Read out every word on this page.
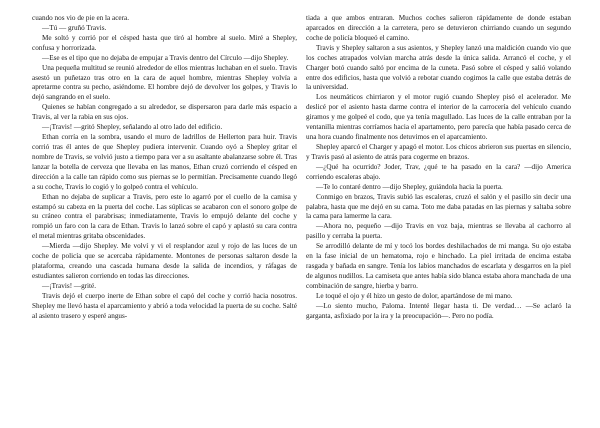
cuando nos vio de pie en la acera.

—Tú — gruñó Travis.

Me soltó y corrió por el césped hasta que tiró al hombre al suelo. Miré a Shepley, confusa y horrorizada.

—Ese es el tipo que no dejaba de empujar a Travis dentro del Círculo —dijo Shepley.

Una pequeña multitud se reunió alrededor de ellos mientras luchaban en el suelo. Travis asestó un puñetazo tras otro en la cara de aquel hombre, mientras Shepley volvía a apretarme contra su pecho, asiéndome. El hombre dejó de devolver los golpes, y Travis lo dejó sangrando en el suelo.

Quienes se habían congregado a su alrededor, se dispersaron para darle más espacio a Travis, al ver la rabia en sus ojos.

—¡Travis! —gritó Shepley, señalando al otro lado del edificio.

Ethan corría en la sombra, usando el muro de ladrillos de Hellerton para huir. Travis corrió tras él antes de que Shepley pudiera intervenir. Cuando oyó a Shepley gritar el nombre de Travis, se volvió justo a tiempo para ver a su asaltante abalanzarse sobre él. Tras lanzar la botella de cerveza que llevaba en las manos, Ethan cruzó corriendo el césped en dirección a la calle tan rápido como sus piernas se lo permitían. Precisamente cuando llegó a su coche, Travis lo cogió y lo golpeó contra el vehículo.

Ethan no dejaba de suplicar a Travis, pero este lo agarró por el cuello de la camisa y estampó su cabeza en la puerta del coche. Las súplicas se acabaron con el sonoro golpe de su cráneo contra el parabrisas; inmediatamente, Travis lo empujó delante del coche y rompió un faro con la cara de Ethan. Travis lo lanzó sobre el capó y aplastó su cara contra el metal mientras gritaba obscenidades.

—Mierda —dijo Shepley. Me volví y vi el resplandor azul y rojo de las luces de un coche de policía que se acercaba rápidamente. Montones de personas saltaron desde la plataforma, creando una cascada humana desde la salida de incendios, y ráfagas de estudiantes salieron corriendo en todas las direcciones.

—¡Travis! —grité.

Travis dejó el cuerpo inerte de Ethan sobre el capó del coche y corrió hacia nosotros. Shepley me llevó hasta el aparcamiento y abrió a toda velocidad la puerta de su coche. Salté al asiento trasero y esperé angus-

tiada a que ambos entraran. Muchos coches salieron rápidamente de donde estaban aparcados en dirección a la carretera, pero se detuvieron chirriando cuando un segundo coche de policía bloqueó el camino.

Travis y Shepley saltaron a sus asientos, y Shepley lanzó una maldición cuando vio que los coches atrapados volvían marcha atrás desde la única salida. Arrancó el coche, y el Charger botó cuando saltó por encima de la cuneta. Pasó sobre el césped y salió volando entre dos edificios, hasta que volvió a rebotar cuando cogimos la calle que estaba detrás de la universidad.

Los neumáticos chirriaron y el motor rugió cuando Shepley pisó el acelerador. Me deslicé por el asiento hasta darme contra el interior de la carrocería del vehículo cuando giramos y me golpeé el codo, que ya tenía magullado. Las luces de la calle entraban por la ventanilla mientras corríamos hacia el apartamento, pero parecía que había pasado cerca de una hora cuando finalmente nos detuvimos en el aparcamiento.

Shepley aparcó el Charger y apagó el motor. Los chicos abrieron sus puertas en silencio, y Travis pasó al asiento de atrás para cogerme en brazos.

—¿Qué ha ocurrido? Joder, Trav, ¿qué te ha pasado en la cara? —dijo America corriendo escaleras abajo.

—Te lo contaré dentro —dijo Shepley, guiándola hacia la puerta.

Conmigo en brazos, Travis subió las escaleras, cruzó el salón y el pasillo sin decir una palabra, hasta que me dejó en su cama. Toto me daba patadas en las piernas y saltaba sobre la cama para lamerme la cara.

—Ahora no, pequeño —dijo Travis en voz baja, mientras se llevaba al cachorro al pasillo y cerraba la puerta.

Se arrodilló delante de mí y tocó los bordes deshilachados de mi manga. Su ojo estaba en la fase inicial de un hematoma, rojo e hinchado. La piel irritada de encima estaba rasgada y bañada en sangre. Tenía los labios manchados de escarlata y desgarros en la piel de algunos nudillos. La camiseta que antes había sido blanca estaba ahora manchada de una combinación de sangre, hierba y barro.

Le toqué el ojo y él hizo un gesto de dolor, apartándose de mi mano.

—Lo siento mucho, Paloma. Intenté llegar hasta ti. De verdad… —Se aclaró la garganta, asfixiado por la ira y la preocupación—. Pero no podía.
